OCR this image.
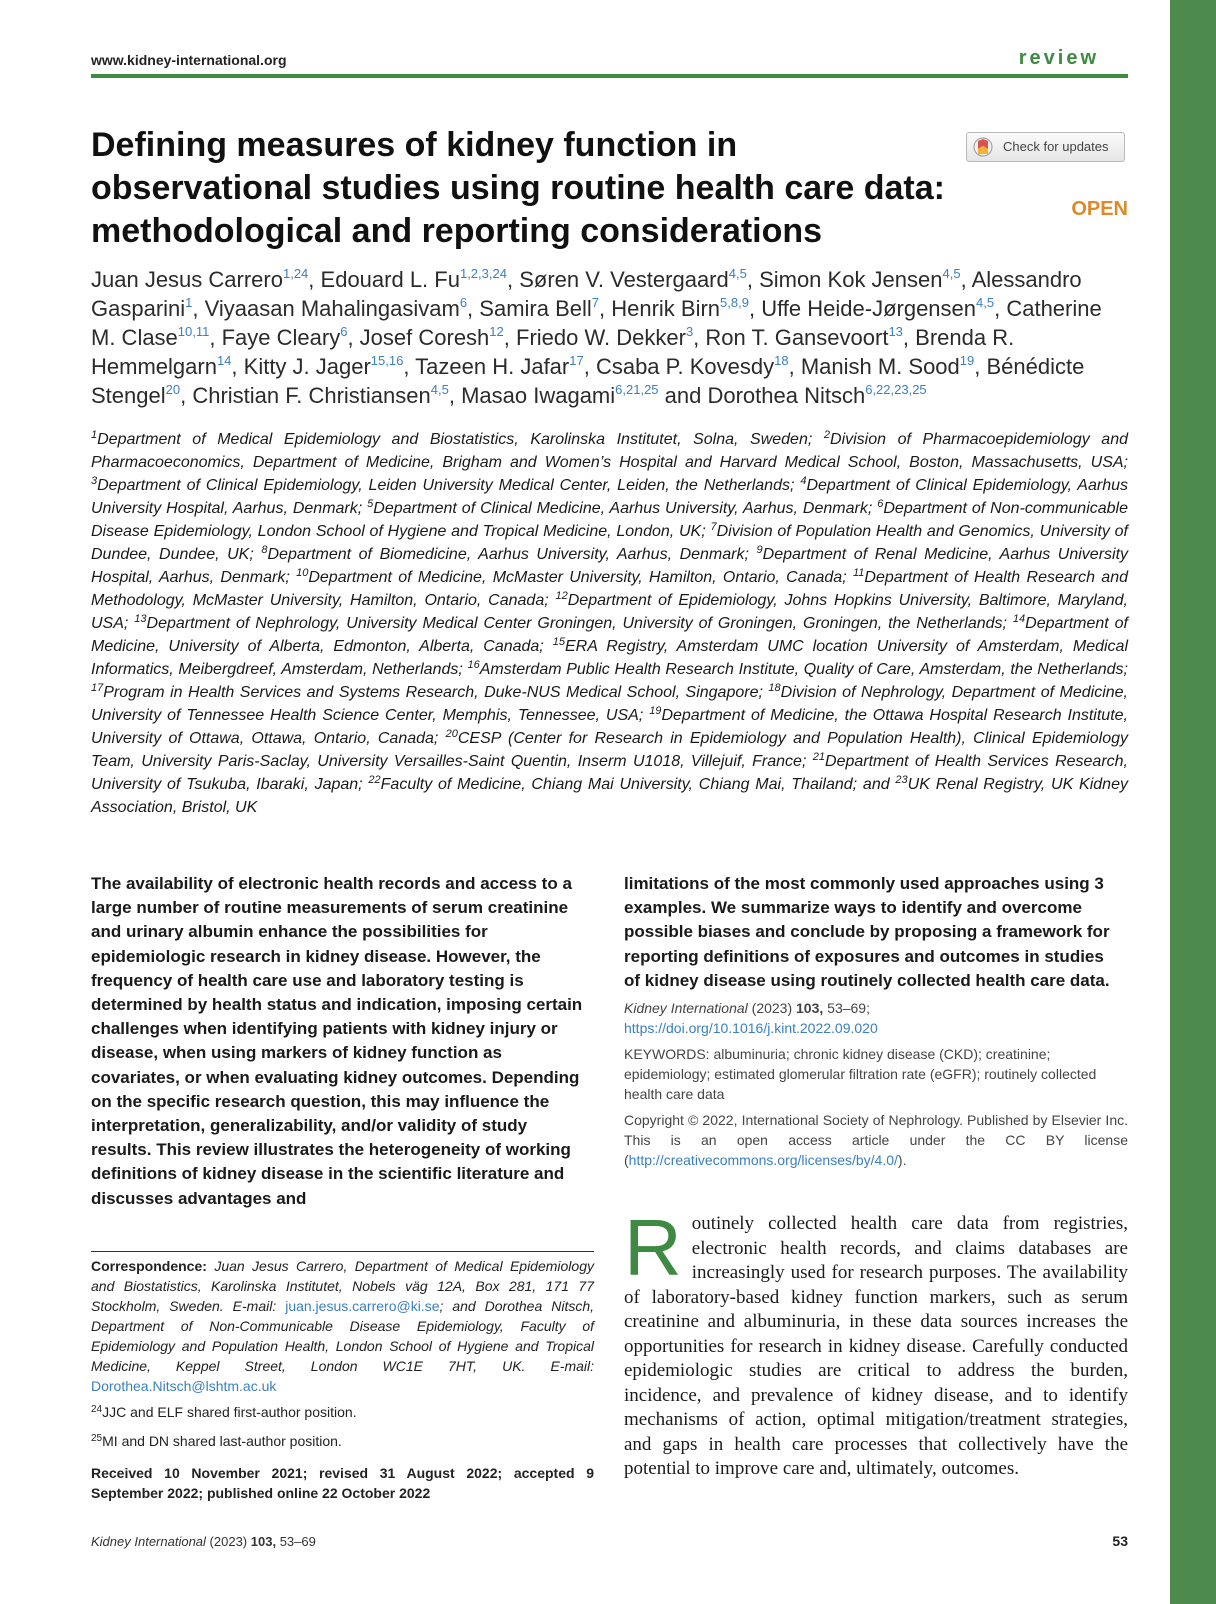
www.kidney-international.org	review
Defining measures of kidney function in observational studies using routine health care data: methodological and reporting considerations
Check for updates
OPEN
Juan Jesus Carrero$^{1,24}$, Edouard L. Fu$^{1,2,3,24}$, Søren V. Vestergaard$^{4,5}$, Simon Kok Jensen$^{4,5}$, Alessandro Gasparini$^1$, Viyaasan Mahalingasivam$^6$, Samira Bell$^7$, Henrik Birn$^{5,8,9}$, Uffe Heide-Jørgensen$^{4,5}$, Catherine M. Clase$^{10,11}$, Faye Cleary$^6$, Josef Coresh$^{12}$, Friedo W. Dekker$^3$, Ron T. Gansevoort$^{13}$, Brenda R. Hemmelgarn$^{14}$, Kitty J. Jager$^{15,16}$, Tazeen H. Jafar$^{17}$, Csaba P. Kovesdy$^{18}$, Manish M. Sood$^{19}$, Bénédicte Stengel$^{20}$, Christian F. Christiansen$^{4,5}$, Masao Iwagami$^{6,21,25}$ and Dorothea Nitsch$^{6,22,23,25}$
$^1$Department of Medical Epidemiology and Biostatistics, Karolinska Institutet, Solna, Sweden; $^2$Division of Pharmacoepidemiology and Pharmacoeconomics, Department of Medicine, Brigham and Women’s Hospital and Harvard Medical School, Boston, Massachusetts, USA; $^3$Department of Clinical Epidemiology, Leiden University Medical Center, Leiden, the Netherlands; $^4$Department of Clinical Epidemiology, Aarhus University Hospital, Aarhus, Denmark; $^5$Department of Clinical Medicine, Aarhus University, Aarhus, Denmark; $^6$Department of Non-communicable Disease Epidemiology, London School of Hygiene and Tropical Medicine, London, UK; $^7$Division of Population Health and Genomics, University of Dundee, Dundee, UK; $^8$Department of Biomedicine, Aarhus University, Aarhus, Denmark; $^9$Department of Renal Medicine, Aarhus University Hospital, Aarhus, Denmark; $^{10}$Department of Medicine, McMaster University, Hamilton, Ontario, Canada; $^{11}$Department of Health Research and Methodology, McMaster University, Hamilton, Ontario, Canada; $^{12}$Department of Epidemiology, Johns Hopkins University, Baltimore, Maryland, USA; $^{13}$Department of Nephrology, University Medical Center Groningen, University of Groningen, Groningen, the Netherlands; $^{14}$Department of Medicine, University of Alberta, Edmonton, Alberta, Canada; $^{15}$ERA Registry, Amsterdam UMC location University of Amsterdam, Medical Informatics, Meibergdreef, Amsterdam, Netherlands; $^{16}$Amsterdam Public Health Research Institute, Quality of Care, Amsterdam, the Netherlands; $^{17}$Program in Health Services and Systems Research, Duke-NUS Medical School, Singapore; $^{18}$Division of Nephrology, Department of Medicine, University of Tennessee Health Science Center, Memphis, Tennessee, USA; $^{19}$Department of Medicine, the Ottawa Hospital Research Institute, University of Ottawa, Ottawa, Ontario, Canada; $^{20}$CESP (Center for Research in Epidemiology and Population Health), Clinical Epidemiology Team, University Paris-Saclay, University Versailles-Saint Quentin, Inserm U1018, Villejuif, France; $^{21}$Department of Health Services Research, University of Tsukuba, Ibaraki, Japan; $^{22}$Faculty of Medicine, Chiang Mai University, Chiang Mai, Thailand; and $^{23}$UK Renal Registry, UK Kidney Association, Bristol, UK
The availability of electronic health records and access to a large number of routine measurements of serum creatinine and urinary albumin enhance the possibilities for epidemiologic research in kidney disease. However, the frequency of health care use and laboratory testing is determined by health status and indication, imposing certain challenges when identifying patients with kidney injury or disease, when using markers of kidney function as covariates, or when evaluating kidney outcomes. Depending on the specific research question, this may influence the interpretation, generalizability, and/or validity of study results. This review illustrates the heterogeneity of working definitions of kidney disease in the scientific literature and discusses advantages and
limitations of the most commonly used approaches using 3 examples. We summarize ways to identify and overcome possible biases and conclude by proposing a framework for reporting definitions of exposures and outcomes in studies of kidney disease using routinely collected health care data.
Kidney International (2023) 103, 53–69; https://doi.org/10.1016/j.kint.2022.09.020
KEYWORDS: albuminuria; chronic kidney disease (CKD); creatinine; epidemiology; estimated glomerular filtration rate (eGFR); routinely collected health care data
Copyright © 2022, International Society of Nephrology. Published by Elsevier Inc. This is an open access article under the CC BY license (http://creativecommons.org/licenses/by/4.0/).
Correspondence: Juan Jesus Carrero, Department of Medical Epidemiology and Biostatistics, Karolinska Institutet, Nobels väg 12A, Box 281, 171 77 Stockholm, Sweden. E-mail: juan.jesus.carrero@ki.se; and Dorothea Nitsch, Department of Non-Communicable Disease Epidemiology, Faculty of Epidemiology and Population Health, London School of Hygiene and Tropical Medicine, Keppel Street, London WC1E 7HT, UK. E-mail: Dorothea.Nitsch@lshtm.ac.uk
$^{24}$JJC and ELF shared first-author position.
$^{25}$MI and DN shared last-author position.
Received 10 November 2021; revised 31 August 2022; accepted 9 September 2022; published online 22 October 2022
Routinely collected health care data from registries, electronic health records, and claims databases are increasingly used for research purposes. The availability of laboratory-based kidney function markers, such as serum creatinine and albuminuria, in these data sources increases the opportunities for research in kidney disease. Carefully conducted epidemiologic studies are critical to address the burden, incidence, and prevalence of kidney disease, and to identify mechanisms of action, optimal mitigation/treatment strategies, and gaps in health care processes that collectively have the potential to improve care and, ultimately, outcomes.
Kidney International (2023) 103, 53–69	53
